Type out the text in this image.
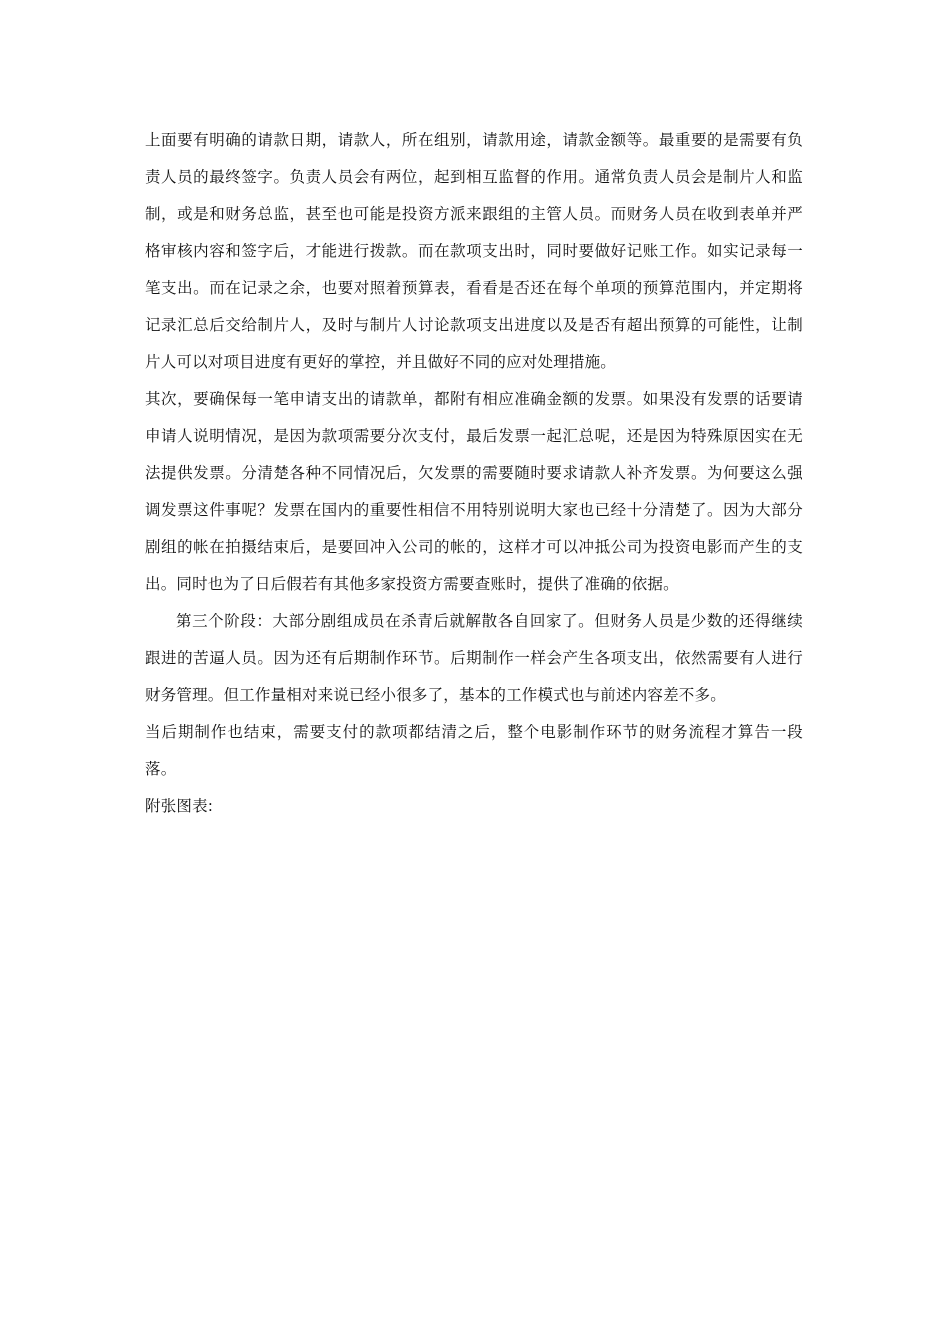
上面要有明确的请款日期，请款人，所在组别，请款用途，请款金额等。最重要的是需要有负责人员的最终签字。负责人员会有两位，起到相互监督的作用。通常负责人员会是制片人和监制，或是和财务总监，甚至也可能是投资方派来跟组的主管人员。而财务人员在收到表单并严格审核内容和签字后，才能进行拨款。而在款项支出时，同时要做好记账工作。如实记录每一笔支出。而在记录之余，也要对照着预算表，看看是否还在每个单项的预算范围内，并定期将记录汇总后交给制片人，及时与制片人讨论款项支出进度以及是否有超出预算的可能性，让制片人可以对项目进度有更好的掌控，并且做好不同的应对处理措施。

其次，要确保每一笔申请支出的请款单，都附有相应准确金额的发票。如果没有发票的话要请申请人说明情况，是因为款项需要分次支付，最后发票一起汇总呢，还是因为特殊原因实在无法提供发票。分清楚各种不同情况后，欠发票的需要随时要求请款人补齐发票。为何要这么强调发票这件事呢？发票在国内的重要性相信不用特别说明大家也已经十分清楚了。因为大部分剧组的帐在拍摄结束后，是要回冲入公司的帐的，这样才可以冲抵公司为投资电影而产生的支出。同时也为了日后假若有其他多家投资方需要查账时，提供了准确的依据。

第三个阶段：大部分剧组成员在杀青后就解散各自回家了。但财务人员是少数的还得继续跟进的苦逼人员。因为还有后期制作环节。后期制作一样会产生各项支出，依然需要有人进行财务管理。但工作量相对来说已经小很多了，基本的工作模式也与前述内容差不多。

当后期制作也结束，需要支付的款项都结清之后，整个电影制作环节的财务流程才算告一段落。

附张图表:
